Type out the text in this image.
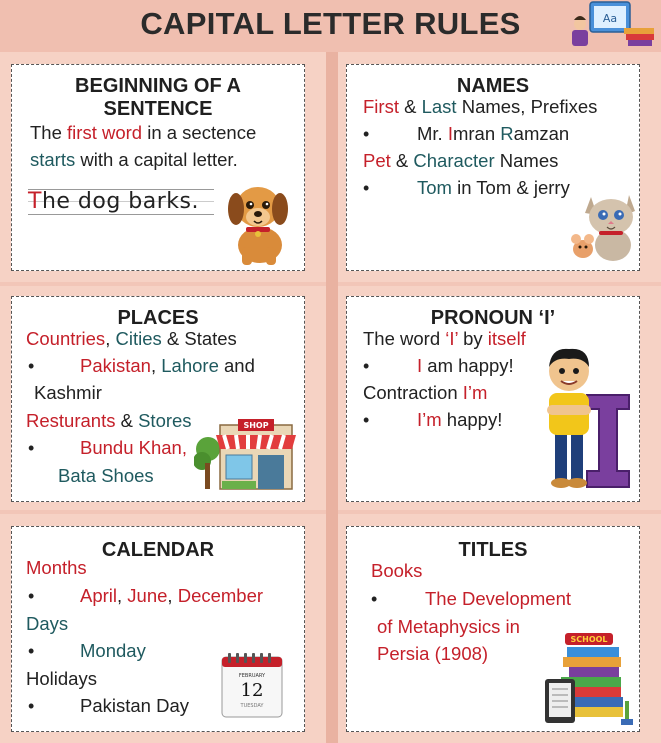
CAPITAL LETTER RULES	Aa
BEGINNING OF A
SENTENCE
The first word in a sectence
starts with a capital letter.
The dog barks.
NAMES
First & Last Names, Prefixes
•	Mr. Imran Ramzan
Pet & Character Names
•	Tom in Tom & jerry
PLACES
Countries, Cities & States
• Pakistan, Lahore and
Kashmir
Resturants & Stores
• Bundu Khan,
Bata Shoes
SHOP
PRONOUN ‘I’
The word ‘I’ by itself
•	I am happy!
Contraction I’m
•	I’m happy!
CALENDAR
Months
• April, June, December
Days
• Monday
Holidays
• Pakistan Day
FEBRUARY
12
TUESDAY
TITLES
Books
•	The Development
of Metaphysics in
Persia (1908)
SCHOOL
